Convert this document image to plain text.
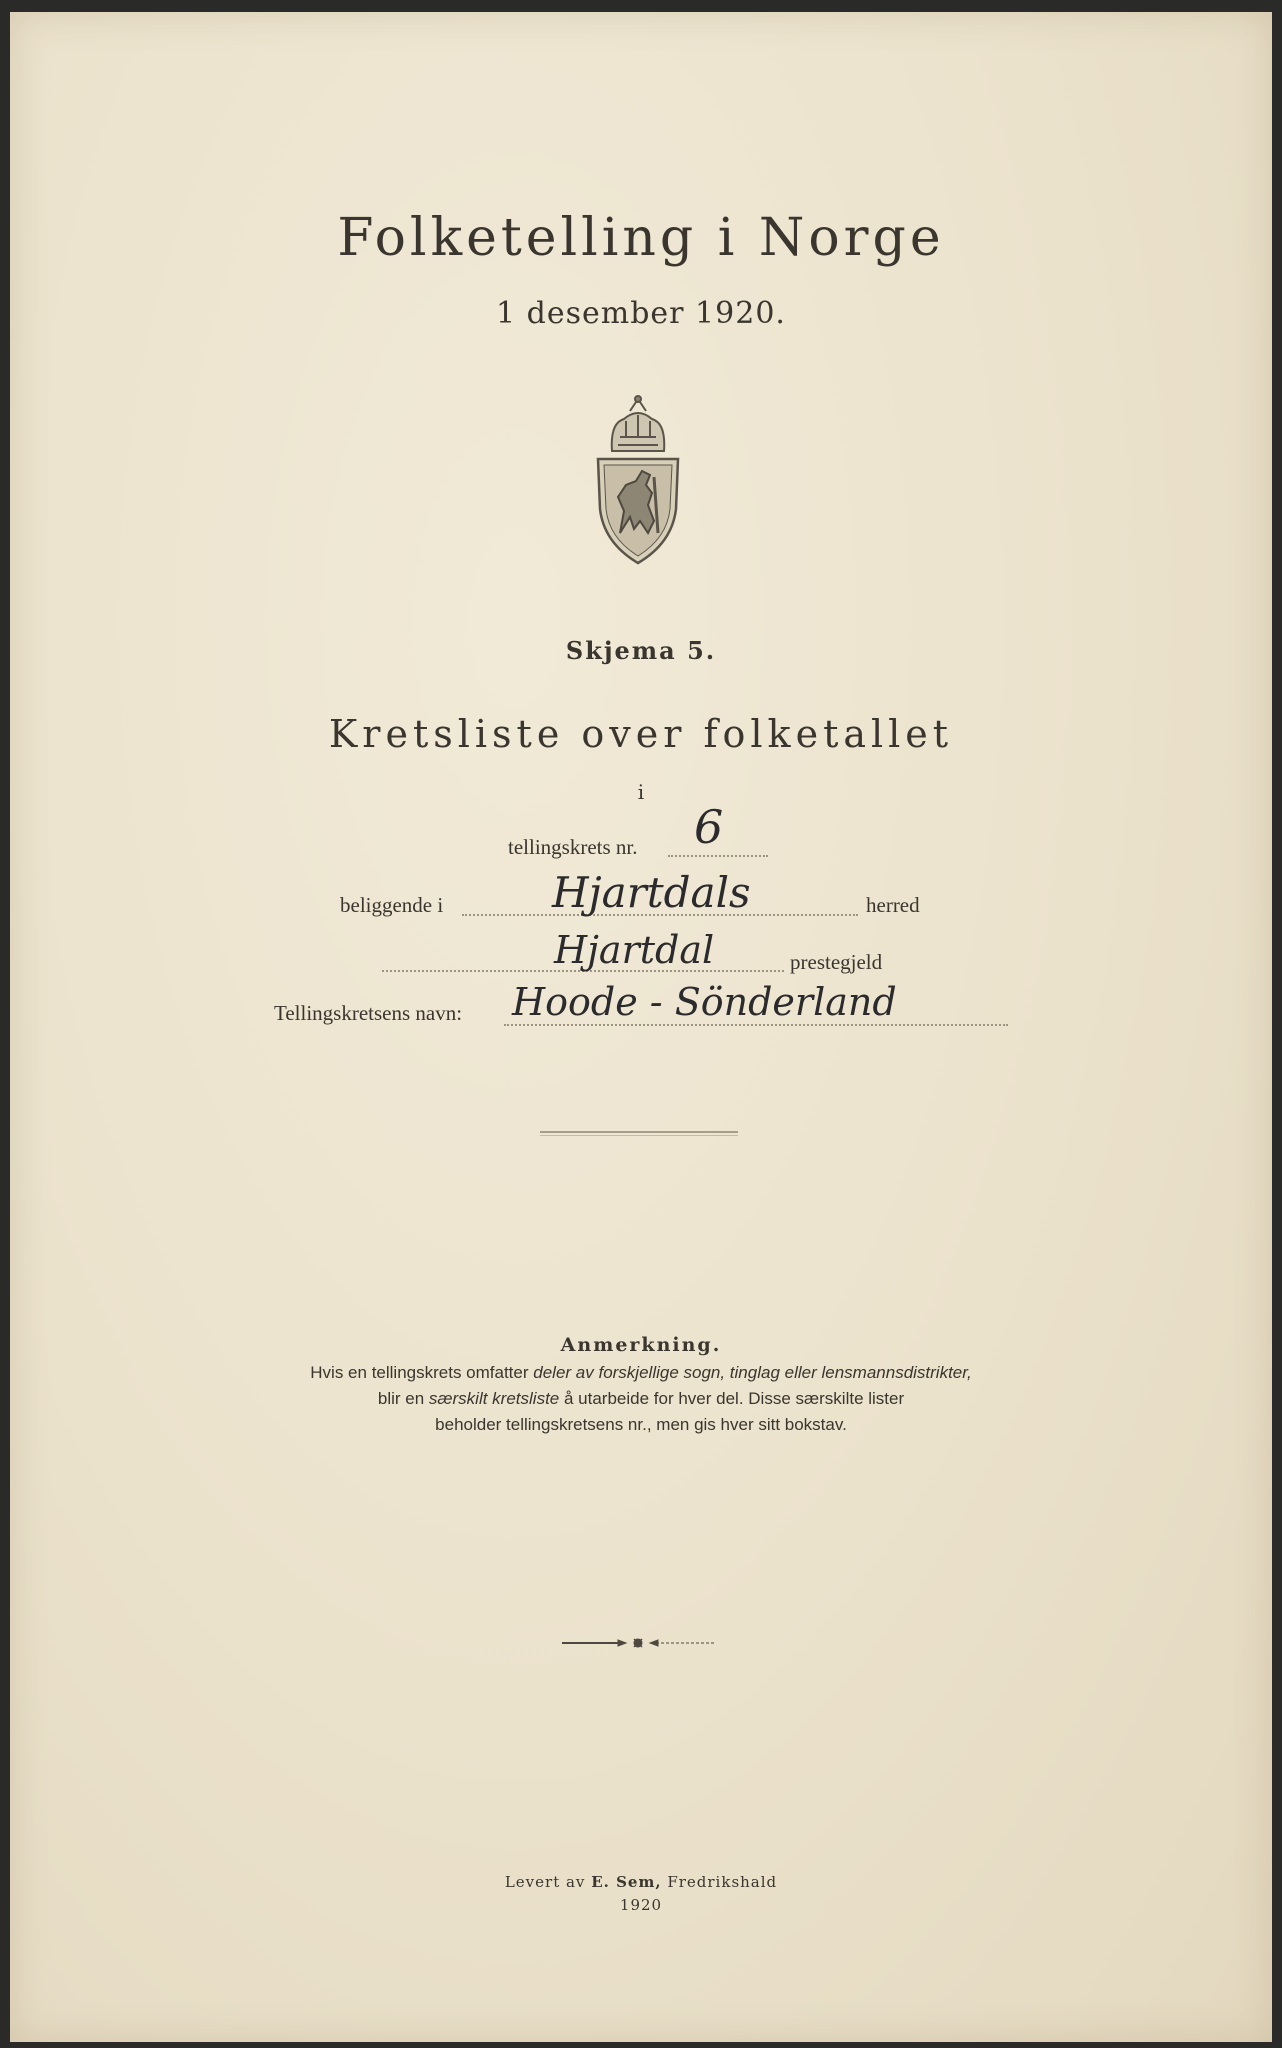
Folketelling i Norge
1 desember 1920.
Skjema 5.
Kretsliste over folketallet
i
tellingskrets nr. 6
beliggende i	Hjartdals	herred
Hjartdal	prestegjeld
Tellingskretsens navn: Hoode - Sönderland
Anmerkning.
Hvis en tellingskrets omfatter deler av forskjellige sogn, tinglag eller lensmannsdistrikter,
blir en særskilt kretsliste å utarbeide for hver del. Disse særskilte lister
beholder tellingskretsens nr., men gis hver sitt bokstav.
Levert av E. Sem, Fredrikshald
1920
